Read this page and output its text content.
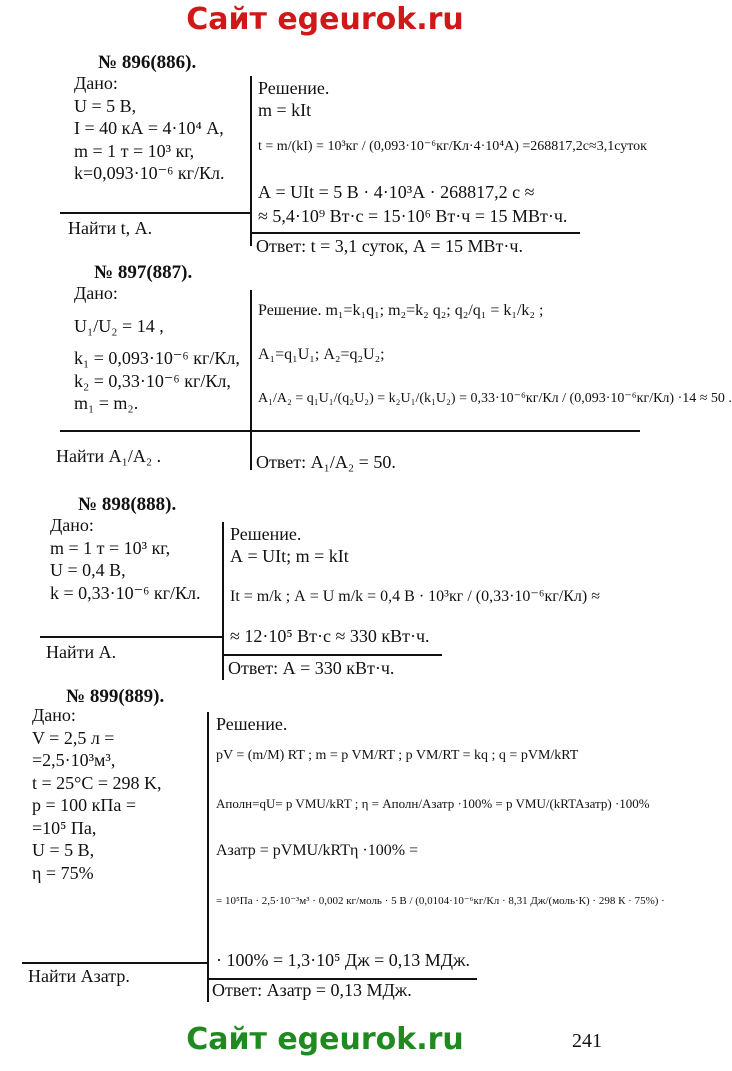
Сайт egeurok.ru
№ 896(886).
Дано:
U = 5 В,
I = 40 кА = 4·10⁴ А,
m = 1 т = 10³ кг,
k=0,093·10⁻⁶ кг/Кл.
Решение.
m = kIt
t = m/(kI) = 10³кг / (0,093·10⁻⁶кг/Кл·4·10⁴А) =268817,2с≈3,1суток
А = UIt = 5 В · 4·10³А · 268817,2 с ≈
≈ 5,4·10⁹ Вт·с = 15·10⁶ Вт·ч = 15 МВт·ч.
Найти t, А.
Ответ: t = 3,1 суток, А = 15 МВт·ч.
№ 897(887).
Дано:
U₁/U₂ = 14 ,
k₁ = 0,093·10⁻⁶ кг/Кл,
k₂ = 0,33·10⁻⁶ кг/Кл,
m₁ = m₂.
Решение. m₁=k₁q₁; m₂=k₂ q₂; q₂/q₁ = k₁/k₂ ;
А₁=q₁U₁; А₂=q₂U₂;
А₁/А₂ = q₁U₁/(q₂U₂) = k₂U₁/(k₁U₂) = 0,33·10⁻⁶кг/Кл / (0,093·10⁻⁶кг/Кл) ·14 ≈ 50 .
Найти А₁/А₂ .	Ответ: А₁/А₂ = 50.
№ 898(888).
Дано:
m = 1 т = 10³ кг,
U = 0,4 В,
k = 0,33·10⁻⁶ кг/Кл.
Решение.
А = UIt; m = kIt
It = m/k ; А = U m/k = 0,4 В · 10³кг / (0,33·10⁻⁶кг/Кл) ≈
≈ 12·10⁵ Вт·с ≈ 330 кВт·ч.
Найти А.
Ответ: А = 330 кВт·ч.
№ 899(889).
Дано:
V = 2,5 л =
=2,5·10³м³,
t = 25°C = 298 K,
p = 100 кПа =
=10⁵ Па,
U = 5 В,
η = 75%
Решение.
pV = (m/M) RT ; m = p VM/RT ; p VM/RT = kq ; q = pVM/kRT
Аполн=qU= p VMU/kRT ; η = Аполн/Азатр ·100% = p VMU/(kRTAзатр) ·100%
Азатр = pVMU/kRTη ·100% =
= 10⁵Па · 2,5·10⁻³м³ · 0,002 кг/моль · 5 В / (0,0104·10⁻⁶кг/Кл · 8,31 Дж/(моль·К) · 298 К · 75%) ·
· 100% = 1,3·10⁵ Дж = 0,13 МДж.
Найти Азатр.
Ответ: Азатр = 0,13 МДж.
Сайт egeurok.ru	241
